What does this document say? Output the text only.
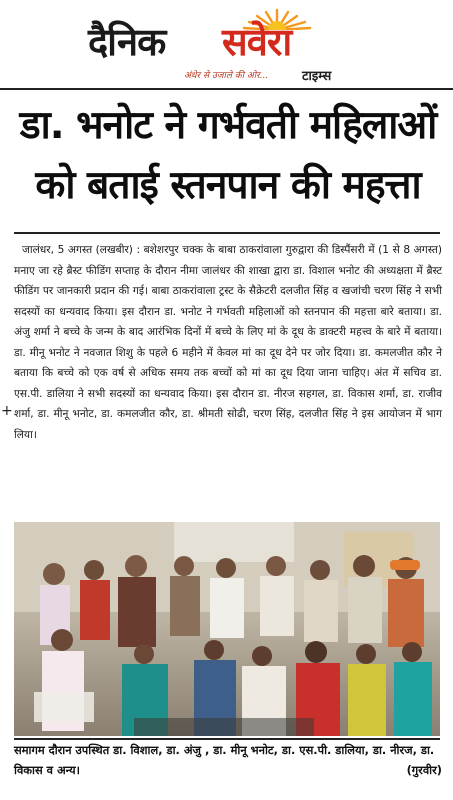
दैनिक सवेरा
अंधेर से उजाले की ओर...	टाइम्स
डा. भनोट ने गर्भवती महिलाओं को बताई स्तनपान की महत्ता
+
जालंधर, 5 अगस्त (लखबीर) : बशेशरपुर चक्क के बाबा ठाकरांवाला गुरुद्वारा की डिस्पैंसरी में (1 से 8 अगस्त) मनाए जा रहे ब्रैस्ट फीडिंग सप्ताह के दौरान नीमा जालंधर की शाखा द्वारा डा. विशाल भनोट की अध्यक्षता में ब्रैस्ट फीडिंग पर जानकारी प्रदान की गई। बाबा ठाकरांवाला ट्रस्ट के सैक्रेटरी दलजीत सिंह व खजांची चरण सिंह ने सभी सदस्यों का धन्यवाद किया। इस दौरान डा. भनोट ने गर्भवती महिलाओं को स्तनपान की महत्ता बारे बताया। डा. अंजु शर्मा ने बच्चे के जन्म के बाद आरंभिक दिनों में बच्चे के लिए मां के दूध के डाक्टरी महत्त्व के बारे में बताया। डा. मीनू भनोट ने नवजात शिशु के पहले 6 महीने में केवल मां का दूध देने पर जोर दिया। डा. कमलजीत कौर ने बताया कि बच्चे को एक वर्ष से अधिक समय तक बच्चों को मां का दूध दिया जाना चाहिए। अंत में सचिव डा. एस.पी. डालिया ने सभी सदस्यों का धन्यवाद किया। इस दौरान डा. नीरज सहगल, डा. विकास शर्मा, डा. राजीव शर्मा, डा. मीनू भनोट, डा. कमलजीत कौर, डा. श्रीमती सोढी, चरण सिंह, दलजीत सिंह ने इस आयोजन में भाग लिया।
समागम दौरान उपस्थित डा. विशाल, डा. अंजु , डा. मीनू भनोट, डा. एस.पी. डालिया, डा. नीरज, डा. विकास व अन्य।	(गुरवीर)
